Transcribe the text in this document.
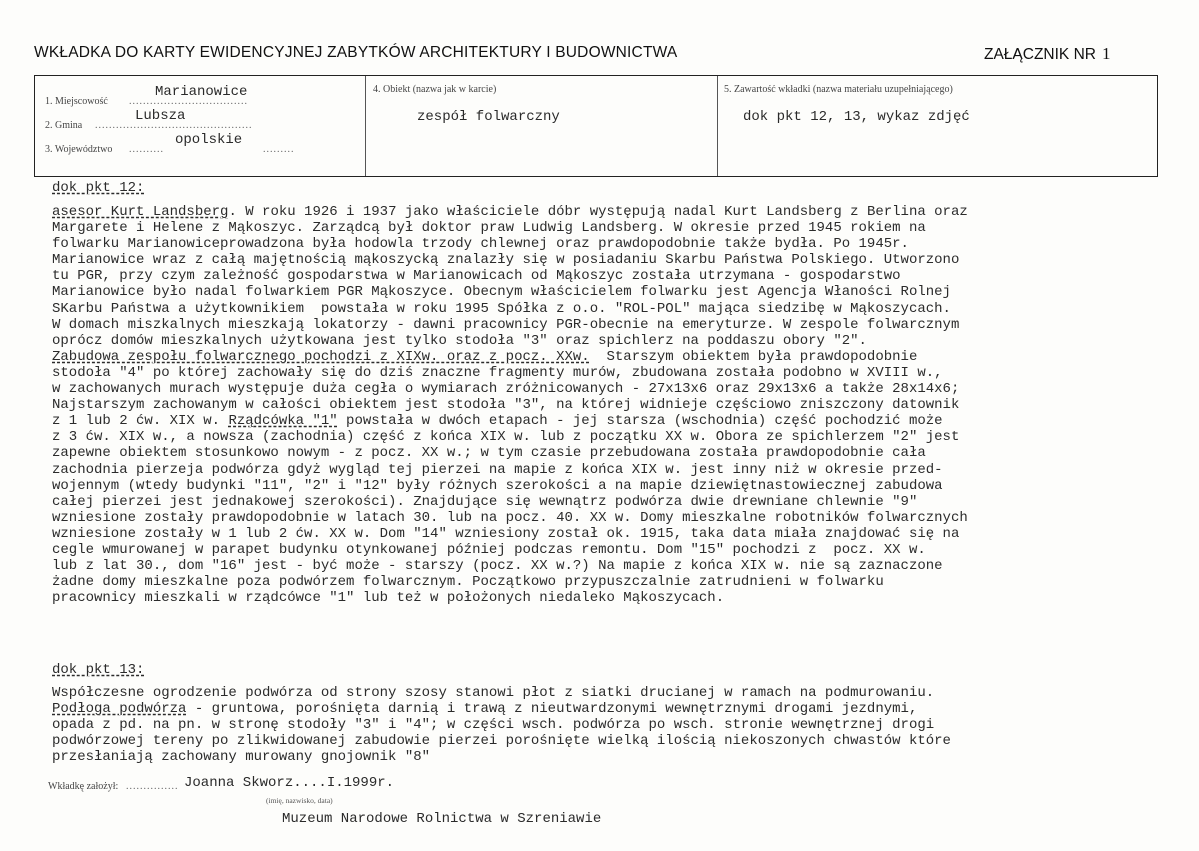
WKŁADKA DO KARTY EWIDENCYJNEJ ZABYTKÓW ARCHITEKTURY I BUDOWNICTWA	ZAŁĄCZNIK NR 1
Marianowice
1. Miejscowość ..................................
Lubsza
2. Gmina .............................................
opolskie
3. Województwo ..........	.........
4. Obiekt (nazwa jak w karcie)
zespół folwarczny
5. Zawartość wkładki (nazwa materiału uzupełniającego)
dok pkt 12, 13, wykaz zdjęć
dok pkt 12:
asesor Kurt Landsberg. W roku 1926 i 1937 jako właściciele dóbr występują nadal Kurt Landsberg z Berlina oraz
Margarete i Helene z Mąkoszyc. Zarządcą był doktor praw Ludwig Landsberg. W okresie przed 1945 rokiem na
folwarku Marianowiceprowadzona była hodowla trzody chlewnej oraz prawdopodobnie także bydła. Po 1945r.
Marianowice wraz z całą majętnością mąkoszycką znalazły się w posiadaniu Skarbu Państwa Polskiego. Utworzono
tu PGR, przy czym zależność gospodarstwa w Marianowicach od Mąkoszyc została utrzymana - gospodarstwo
Marianowice było nadal folwarkiem PGR Mąkoszyce. Obecnym właścicielem folwarku jest Agencja Właności Rolnej
SKarbu Państwa a użytkownikiem  powstała w roku 1995 Spółka z o.o. "ROL-POL" mająca siedzibę w Mąkoszycach.
W domach miszkalnych mieszkają lokatorzy - dawni pracownicy PGR-obecnie na emeryturze. W zespole folwarcznym
oprócz domów mieszkalnych użytkowana jest tylko stodoła "3" oraz spichlerz na poddaszu obory "2".
Zabudowa zespołu folwarcznego pochodzi z XIXw. oraz z pocz. XXw.  Starszym obiektem była prawdopodobnie
stodoła "4" po której zachowały się do dziś znaczne fragmenty murów, zbudowana została podobno w XVIII w.,
w zachowanych murach występuje duża cegła o wymiarach zróżnicowanych - 27x13x6 oraz 29x13x6 a także 28x14x6;
Najstarszym zachowanym w całości obiektem jest stodoła "3", na której widnieje częściowo zniszczony datownik
z 1 lub 2 ćw. XIX w. Rządcówka "1" powstała w dwóch etapach - jej starsza (wschodnia) część pochodzić może
z 3 ćw. XIX w., a nowsza (zachodnia) część z końca XIX w. lub z początku XX w. Obora ze spichlerzem "2" jest
zapewne obiektem stosunkowo nowym - z pocz. XX w.; w tym czasie przebudowana została prawdopodobnie cała
zachodnia pierzeja podwórza gdyż wygląd tej pierzei na mapie z końca XIX w. jest inny niż w okresie przed-
wojennym (wtedy budynki "11", "2" i "12" były różnych szerokości a na mapie dziewiętnastowiecznej zabudowa
całej pierzei jest jednakowej szerokości). Znajdujące się wewnątrz podwórza dwie drewniane chlewnie "9"
wzniesione zostały prawdopodobnie w latach 30. lub na pocz. 40. XX w. Domy mieszkalne robotników folwarcznych
wzniesione zostały w 1 lub 2 ćw. XX w. Dom "14" wzniesiony został ok. 1915, taka data miała znajdować się na
cegle wmurowanej w parapet budynku otynkowanej później podczas remontu. Dom "15" pochodzi z  pocz. XX w.
lub z lat 30., dom "16" jest - być może - starszy (pocz. XX w.?) Na mapie z końca XIX w. nie są zaznaczone
żadne domy mieszkalne poza podwórzem folwarcznym. Początkowo przypuszczalnie zatrudnieni w folwarku
pracownicy mieszkali w rządcówce "1" lub też w położonych niedaleko Mąkoszycach.
dok pkt 13:
Współczesne ogrodzenie podwórza od strony szosy stanowi płot z siatki drucianej w ramach na podmurowaniu.
Podłoga podwórza - gruntowa, porośnięta darnią i trawą z nieutwardzonymi wewnętrznymi drogami jezdnymi,
opada z pd. na pn. w stronę stodoły "3" i "4"; w części wsch. podwórza po wsch. stronie wewnętrznej drogi
podwórzowej tereny po zlikwidowanej zabudowie pierzei porośnięte wielką ilością niekoszonych chwastów które
przesłaniają zachowany murowany gnojownik "8"
Wkładkę założył: ............... Joanna Skworz....I.1999r.
(imię, nazwisko, data)
Muzeum Narodowe Rolnictwa w Szreniawie
